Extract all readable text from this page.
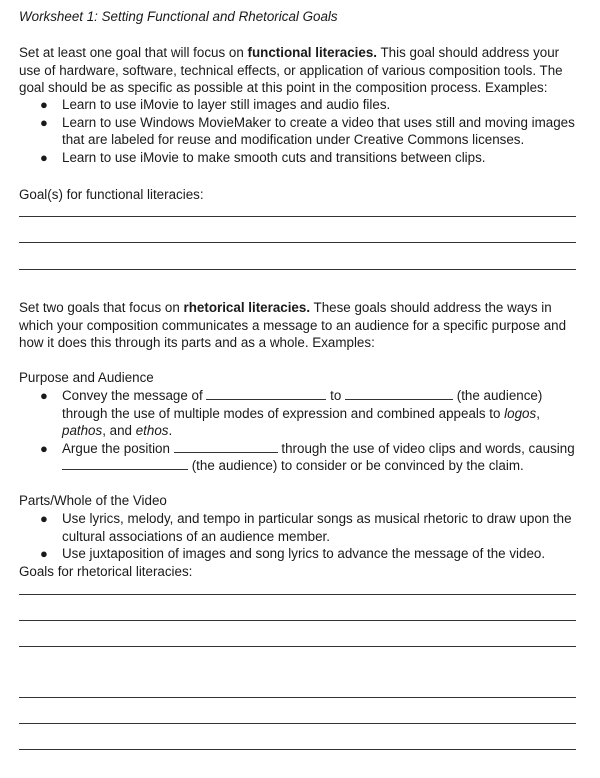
Worksheet 1: Setting Functional and Rhetorical Goals

Set at least one goal that will focus on functional literacies. This goal should address your use of hardware, software, technical effects, or application of various composition tools. The goal should be as specific as possible at this point in the composition process. Examples:

● Learn to use iMovie to layer still images and audio files.
● Learn to use Windows MovieMaker to create a video that uses still and moving images that are labeled for reuse and modification under Creative Commons licenses.
● Learn to use iMovie to make smooth cuts and transitions between clips.
Goal(s) for functional literacies:

Set two goals that focus on rhetorical literacies. These goals should address the ways in which your composition communicates a message to an audience for a specific purpose and how it does this through its parts and as a whole. Examples:

Purpose and Audience
● Convey the message of	to	(the audience) through the use of multiple modes of expression and combined appeals to logos, pathos, and ethos.
● Argue the position	through the use of video clips and words, causing
(the audience) to consider or be convinced by the claim.
Parts/Whole of the Video
● Use lyrics, melody, and tempo in particular songs as musical rhetoric to draw upon the cultural associations of an audience member.
● Use juxtaposition of images and song lyrics to advance the message of the video.
Goals for rhetorical literacies:
